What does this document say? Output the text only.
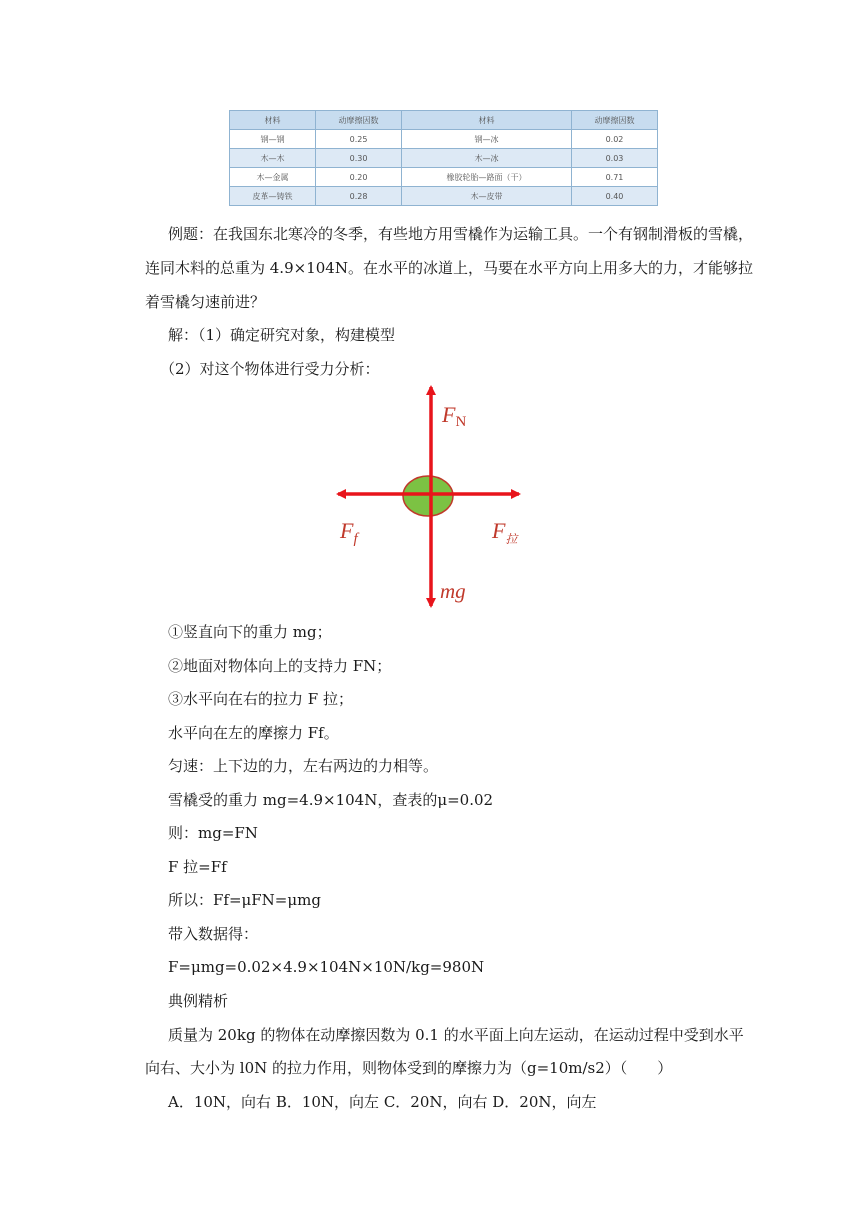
材料	动摩擦因数	材料	动摩擦因数
钢—钢	0.25	钢—冰	0.02
木—木	0.30	木—冰	0.03
木—金属	0.20	橡胶轮胎—路面（干）	0.71
皮革—铸铁	0.28	木—皮带	0.40
例题：在我国东北寒冷的冬季，有些地方用雪橇作为运输工具。一个有钢制滑板的雪橇，
连同木料的总重为 4.9×104N。在水平的冰道上，马要在水平方向上用多大的力，才能够拉
着雪橇匀速前进？
解：（1）确定研究对象，构建模型
（2）对这个物体进行受力分析：
FN
$F_f$	$F_拉$
mg
①竖直向下的重力 mg；
②地面对物体向上的支持力 FN；
③水平向在右的拉力 F 拉；
水平向在左的摩擦力 Ff。
匀速：上下边的力，左右两边的力相等。
雪橇受的重力 mg=4.9×104N，查表的μ=0.02
则：mg=FN
F 拉=Ff
所以：Ff=μFN=μmg
带入数据得：
F=μmg=0.02×4.9×104N×10N/kg=980N
典例精析
质量为 20kg 的物体在动摩擦因数为 0.1 的水平面上向左运动，在运动过程中受到水平
向右、大小为 l0N 的拉力作用，则物体受到的摩擦力为（g=10m/s2）（　　）
A．10N，向右 B．10N，向左 C．20N，向右 D．20N，向左
